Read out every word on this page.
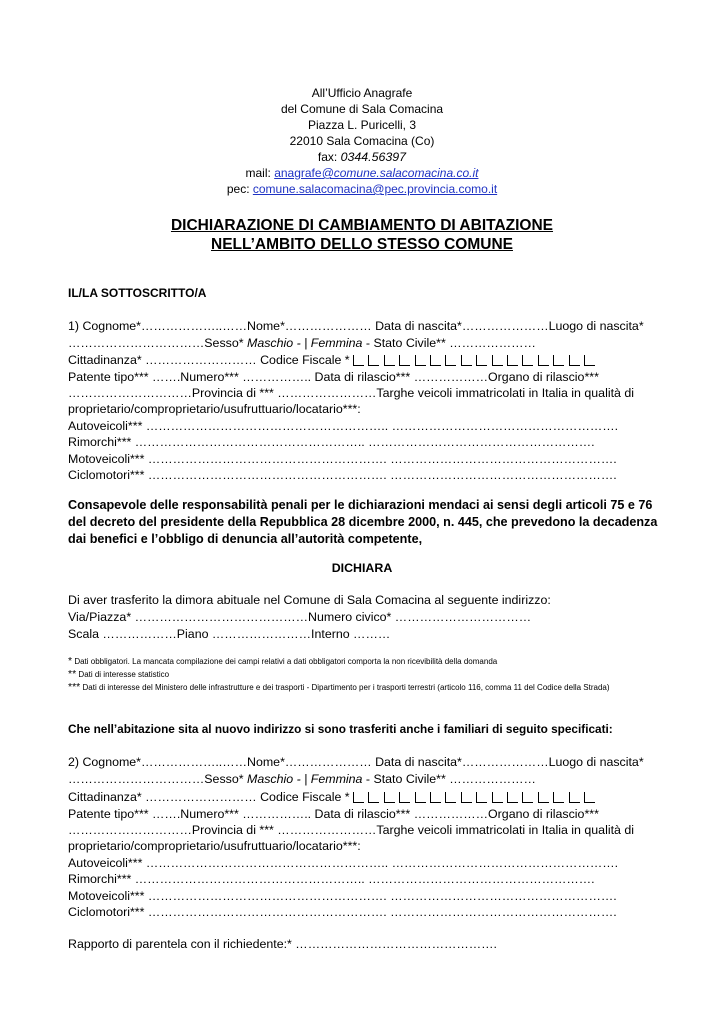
All’Ufficio Anagrafe
del Comune di Sala Comacina
Piazza L. Puricelli, 3
22010 Sala Comacina (Co)
fax: 0344.56397
mail: anagrafe@comune.salacomacina.co.it
pec: comune.salacomacina@pec.provincia.como.it
DICHIARAZIONE DI CAMBIAMENTO DI ABITAZIONE
NELL’AMBITO DELLO STESSO COMUNE
IL/LA SOTTOSCRITTO/A
1) Cognome*………………..……Nome*………………… Data di nascita*…………………Luogo di nascita*
……………………………Sesso* Maschio - | Femmina - Stato Civile** …………………
Cittadinanza* ……………………… Codice Fiscale *
Patente tipo*** …….Numero*** …………….. Data di rilascio*** ………………Organo di rilascio***
…………………………Provincia di *** ……………………Targhe veicoli immatricolati in Italia in qualità di
proprietario/comproprietario/usufruttuario/locatario***:
Autoveicoli*** ………………………………………………….. ……………………………………………….
Rimorchi*** ……………………………………………….. ……………………………………………….
Motoveicoli*** …………………………………………………. ……………………………………………….
Ciclomotori*** …………………………………………………. ……………………………………………….
Consapevole delle responsabilità penali per le dichiarazioni mendaci ai sensi degli articoli 75 e 76 del decreto del presidente della Repubblica 28 dicembre 2000, n. 445, che prevedono la decadenza dai benefici e l’obbligo di denuncia all’autorità competente,
DICHIARA
Di aver trasferito la dimora abituale nel Comune di Sala Comacina al seguente indirizzo:
Via/Piazza* ……………………………………Numero civico* ……………………………
Scala ………………Piano ……………………Interno ………
* Dati obbligatori. La mancata compilazione dei campi relativi a dati obbligatori comporta la non ricevibilità della domanda
** Dati di interesse statistico
*** Dati di interesse del Ministero delle infrastrutture e dei trasporti - Dipartimento per i trasporti terrestri (articolo 116, comma 11 del Codice della Strada)
Che nell’abitazione sita al nuovo indirizzo si sono trasferiti anche i familiari di seguito specificati:
2) Cognome*………………..……Nome*………………… Data di nascita*…………………Luogo di nascita*
……………………………Sesso* Maschio - | Femmina - Stato Civile** …………………
Cittadinanza* ……………………… Codice Fiscale *
Patente tipo*** …….Numero*** …………….. Data di rilascio*** ………………Organo di rilascio***
…………………………Provincia di *** ……………………Targhe veicoli immatricolati in Italia in qualità di
proprietario/comproprietario/usufruttuario/locatario***:
Autoveicoli*** ………………………………………………….. ……………………………………………….
Rimorchi*** ……………………………………………….. ……………………………………………….
Motoveicoli*** …………………………………………………. ……………………………………………….
Ciclomotori*** …………………………………………………. ……………………………………………….
Rapporto di parentela con il richiedente:* ………………………………………….
